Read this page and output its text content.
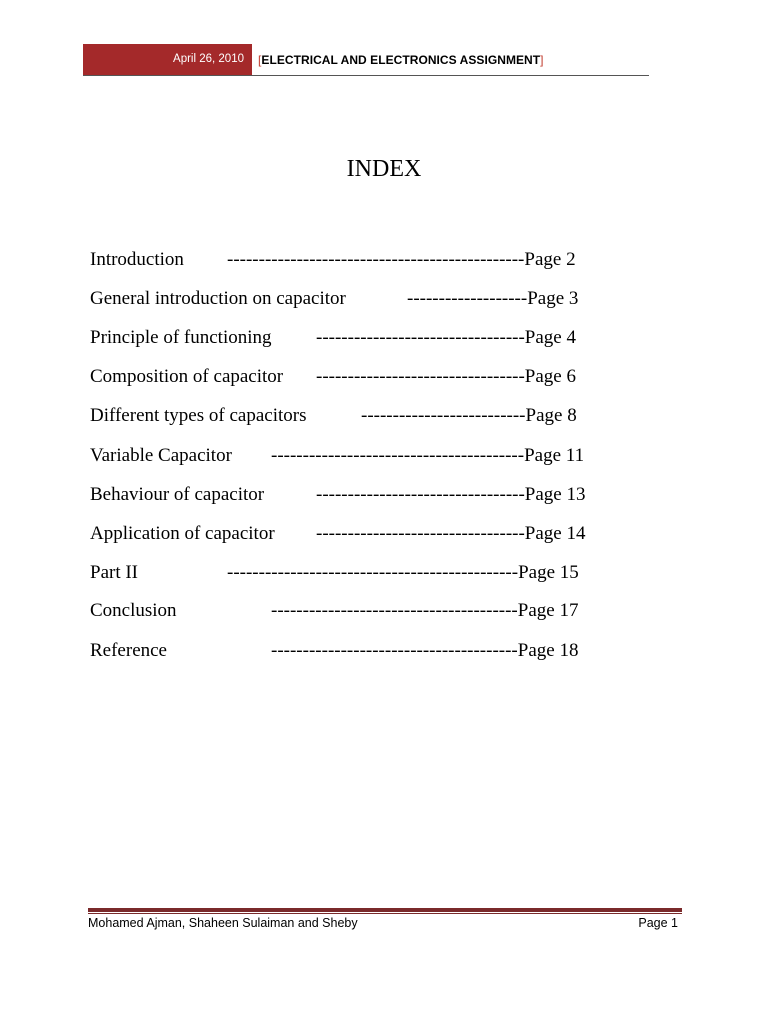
April 26, 2010	[ELECTRICAL AND ELECTRONICS ASSIGNMENT]
INDEX
Introduction -----------------------------------------------Page 2
General introduction on capacitor	-------------------Page 3
Principle of functioning ---------------------------------Page 4
Composition of capacitor ---------------------------------Page 6
Different types of capacitors	--------------------------Page 8
Variable Capacitor ----------------------------------------Page 11
Behaviour of capacitor	---------------------------------Page 13
Application of capacitor ---------------------------------Page 14
Part II	----------------------------------------------Page 15
Conclusion	---------------------------------------Page 17
Reference	---------------------------------------Page 18
Mohamed Ajman, Shaheen Sulaiman and Sheby	Page 1
